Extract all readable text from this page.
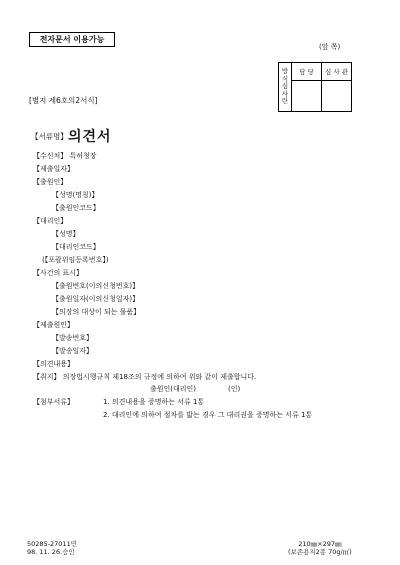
전자문서 이용가능
(앞 쪽)
방
식
심
사
란	담 당	심 사 관

[별지 제6호의2서식]
【서류명】 의견서
【수신처】 특허청장
【제출일자】
【출원인】
【성명(명칭)】
【출원인코드】
【대리인】
【성명】
【대리인코드】
(【포괄위임등록번호】)
【사건의 표시】
【출원번호(이의신청번호)】
【출원일자(이의신청일자)】
【의장의 대상이 되는 물품】
【제출원인】
【발송번호】
【발송일자】
【의견내용】
【취지】 의장법시행규칙 제18조의 규정에 의하여 위와 같이 제출합니다.
출원인(대리인)	(인)
【첨부서류】	1. 의견내용을 증명하는 서류 1통
2. 대리인에 의하여 절차를 밟는 경우 그 대리권을 증명하는 서류 1통
50285-27011민
98. 11. 26.승인
210㎜×297㎜
(보존용지2종 70g/㎡)
